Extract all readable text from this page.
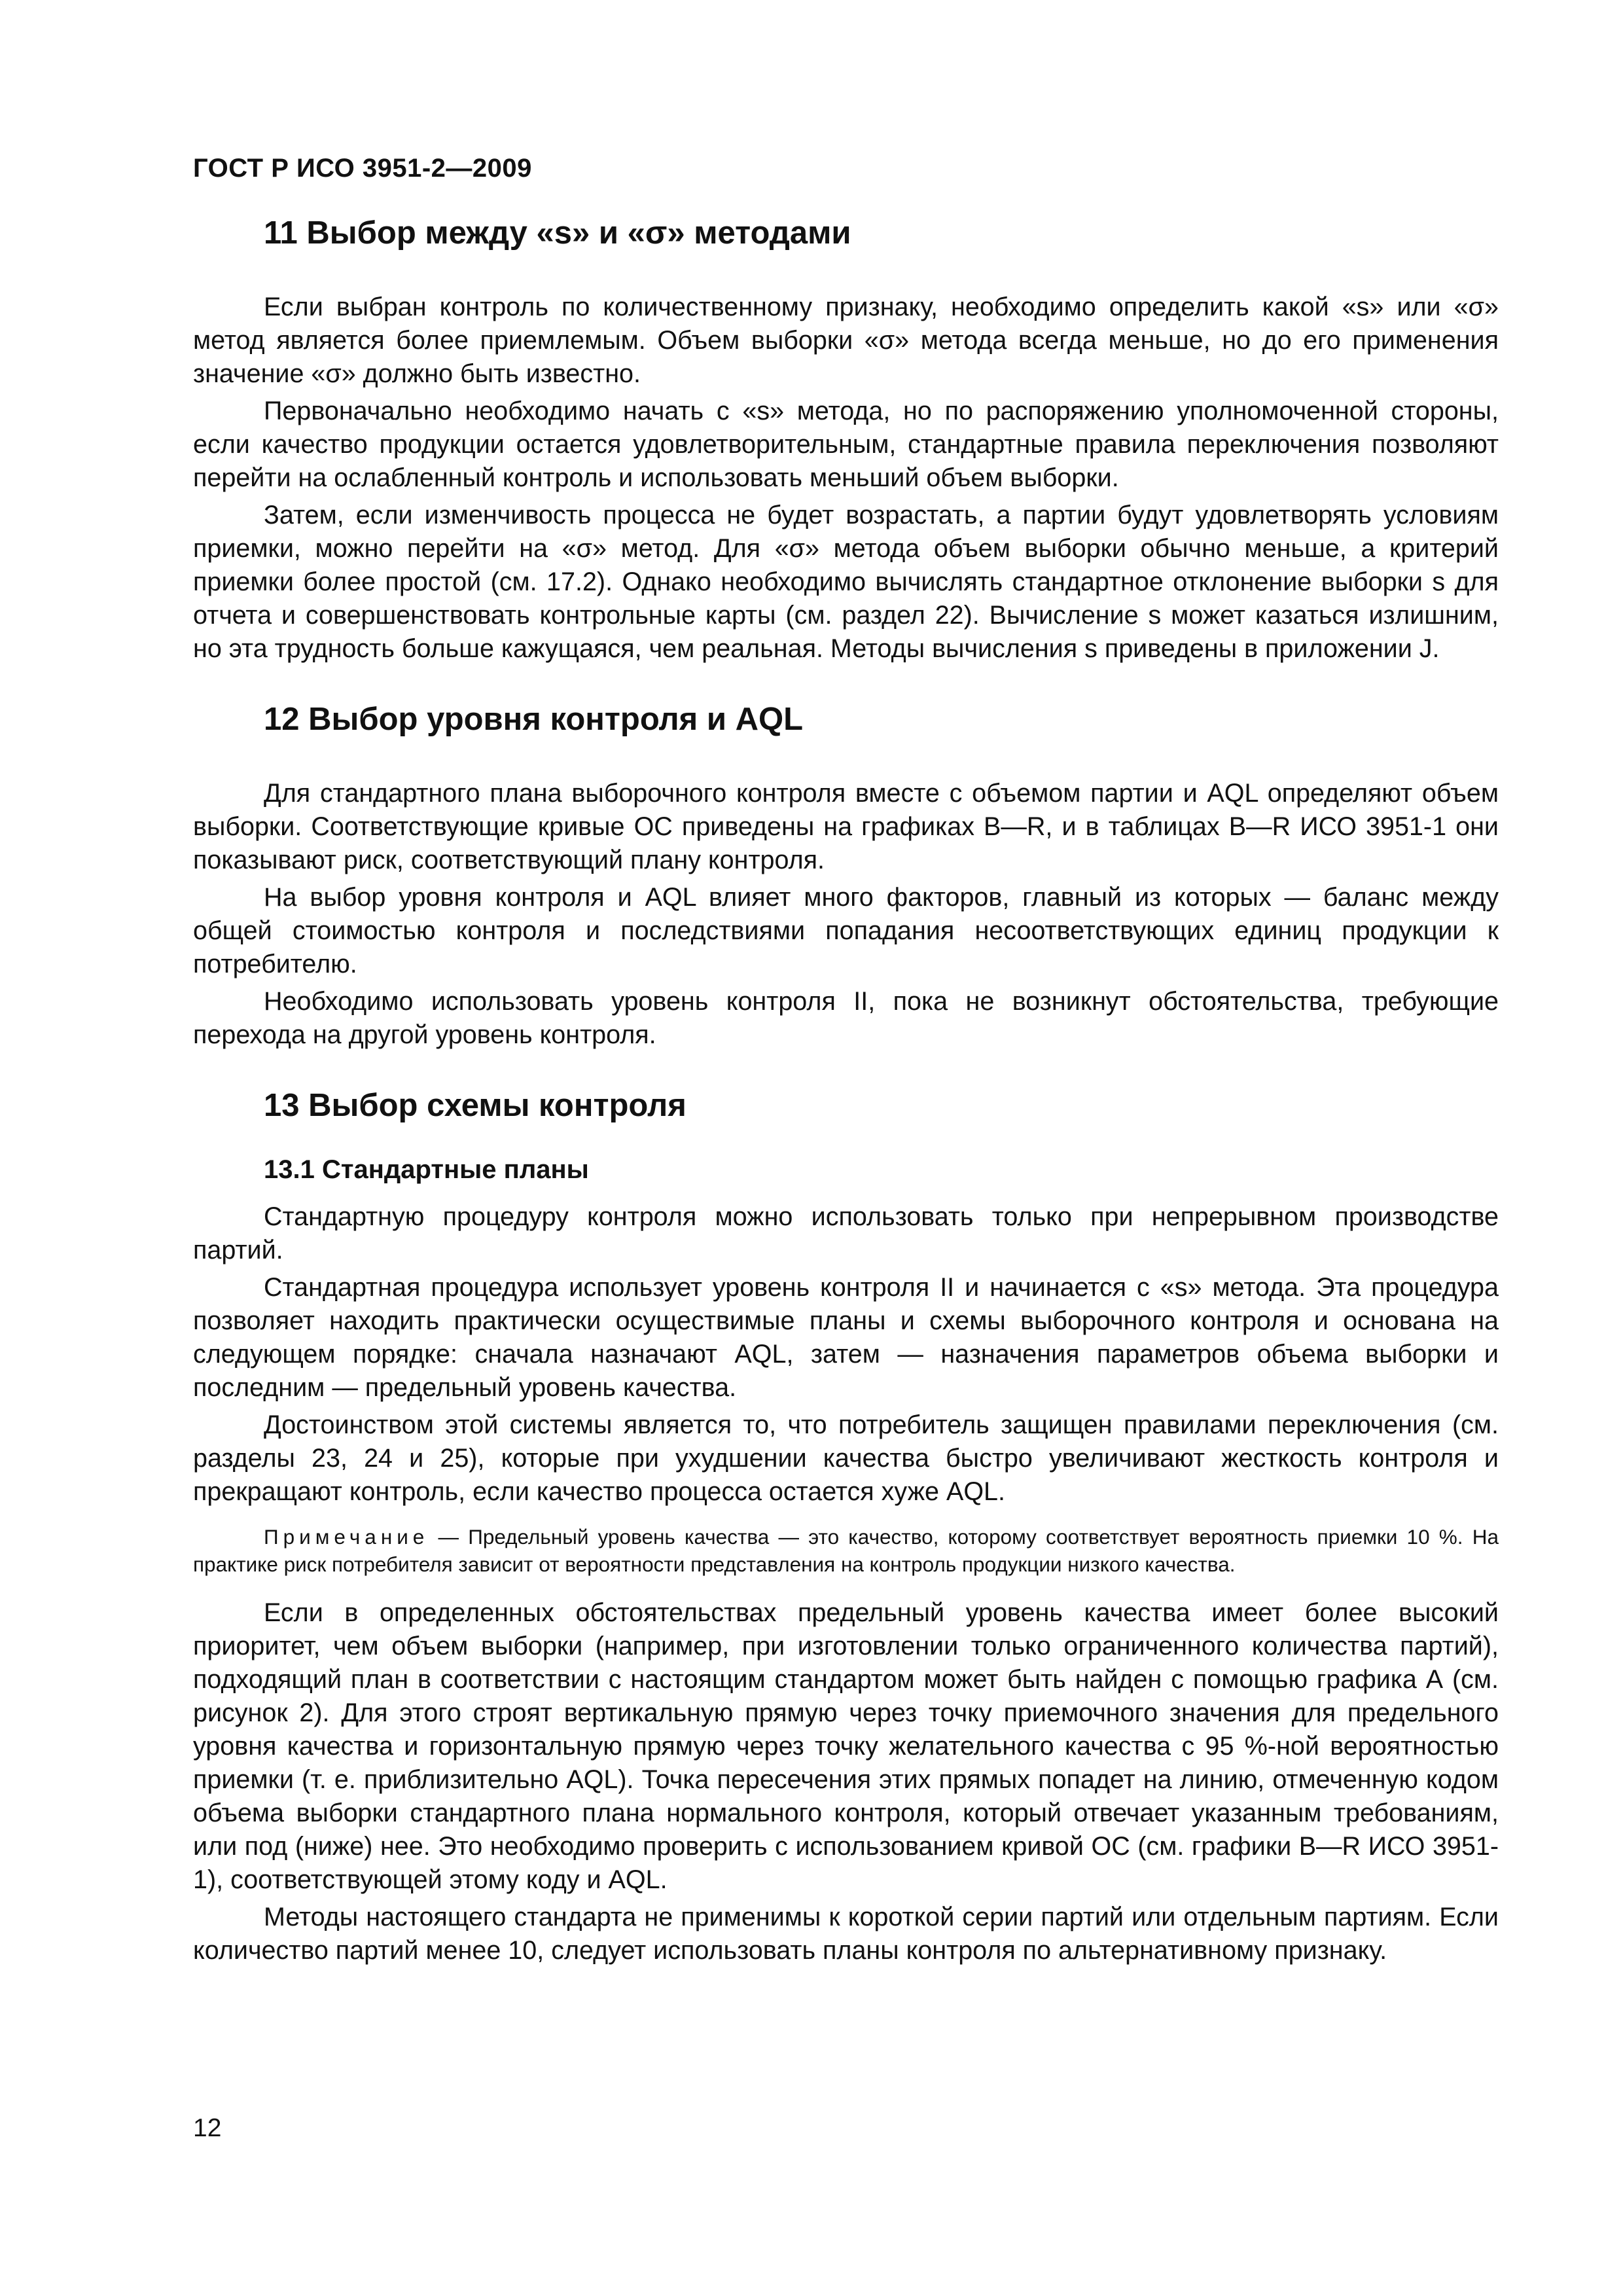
ГОСТ Р ИСО 3951-2—2009
11 Выбор между «s» и «σ» методами

Если выбран контроль по количественному признаку, необходимо определить какой «s» или «σ» метод является более приемлемым. Объем выборки «σ» метода всегда меньше, но до его применения значение «σ» должно быть известно.

Первоначально необходимо начать с «s» метода, но по распоряжению уполномоченной стороны, если качество продукции остается удовлетворительным, стандартные правила переключения позволяют перейти на ослабленный контроль и использовать меньший объем выборки.

Затем, если изменчивость процесса не будет возрастать, а партии будут удовлетворять условиям приемки, можно перейти на «σ» метод. Для «σ» метода объем выборки обычно меньше, а критерий приемки более простой (см. 17.2). Однако необходимо вычислять стандартное отклонение выборки s для отчета и совершенствовать контрольные карты (см. раздел 22). Вычисление s может казаться излишним, но эта трудность больше кажущаяся, чем реальная. Методы вычисления s приведены в приложении J.

12 Выбор уровня контроля и AQL

Для стандартного плана выборочного контроля вместе с объемом партии и AQL определяют объем выборки. Соответствующие кривые ОС приведены на графиках В—R, и в таблицах В—R ИСО 3951-1 они показывают риск, соответствующий плану контроля.

На выбор уровня контроля и AQL влияет много факторов, главный из которых — баланс между общей стоимостью контроля и последствиями попадания несоответствующих единиц продукции к потребителю.

Необходимо использовать уровень контроля II, пока не возникнут обстоятельства, требующие перехода на другой уровень контроля.

13 Выбор схемы контроля
13.1 Стандартные планы

Стандартную процедуру контроля можно использовать только при непрерывном производстве партий.

Стандартная процедура использует уровень контроля II и начинается с «s» метода. Эта процедура позволяет находить практически осуществимые планы и схемы выборочного контроля и основана на следующем порядке: сначала назначают AQL, затем — назначения параметров объема выборки и последним — предельный уровень качества.

Достоинством этой системы является то, что потребитель защищен правилами переключения (см. разделы 23, 24 и 25), которые при ухудшении качества быстро увеличивают жесткость контроля и прекращают контроль, если качество процесса остается хуже AQL.

Примечание — Предельный уровень качества — это качество, которому соответствует вероятность приемки 10 %. На практике риск потребителя зависит от вероятности представления на контроль продукции низкого качества.

Если в определенных обстоятельствах предельный уровень качества имеет более высокий приоритет, чем объем выборки (например, при изготовлении только ограниченного количества партий), подходящий план в соответствии с настоящим стандартом может быть найден с помощью графика А (см. рисунок 2). Для этого строят вертикальную прямую через точку приемочного значения для предельного уровня качества и горизонтальную прямую через точку желательного качества с 95 %-ной вероятностью приемки (т. е. приблизительно AQL). Точка пересечения этих прямых попадет на линию, отмеченную кодом объема выборки стандартного плана нормального контроля, который отвечает указанным требованиям, или под (ниже) нее. Это необходимо проверить с использованием кривой ОС (см. графики В—R ИСО 3951-1), соответствующей этому коду и AQL.

Методы настоящего стандарта не применимы к короткой серии партий или отдельным партиям. Если количество партий менее 10, следует использовать планы контроля по альтернативному признаку.

12
